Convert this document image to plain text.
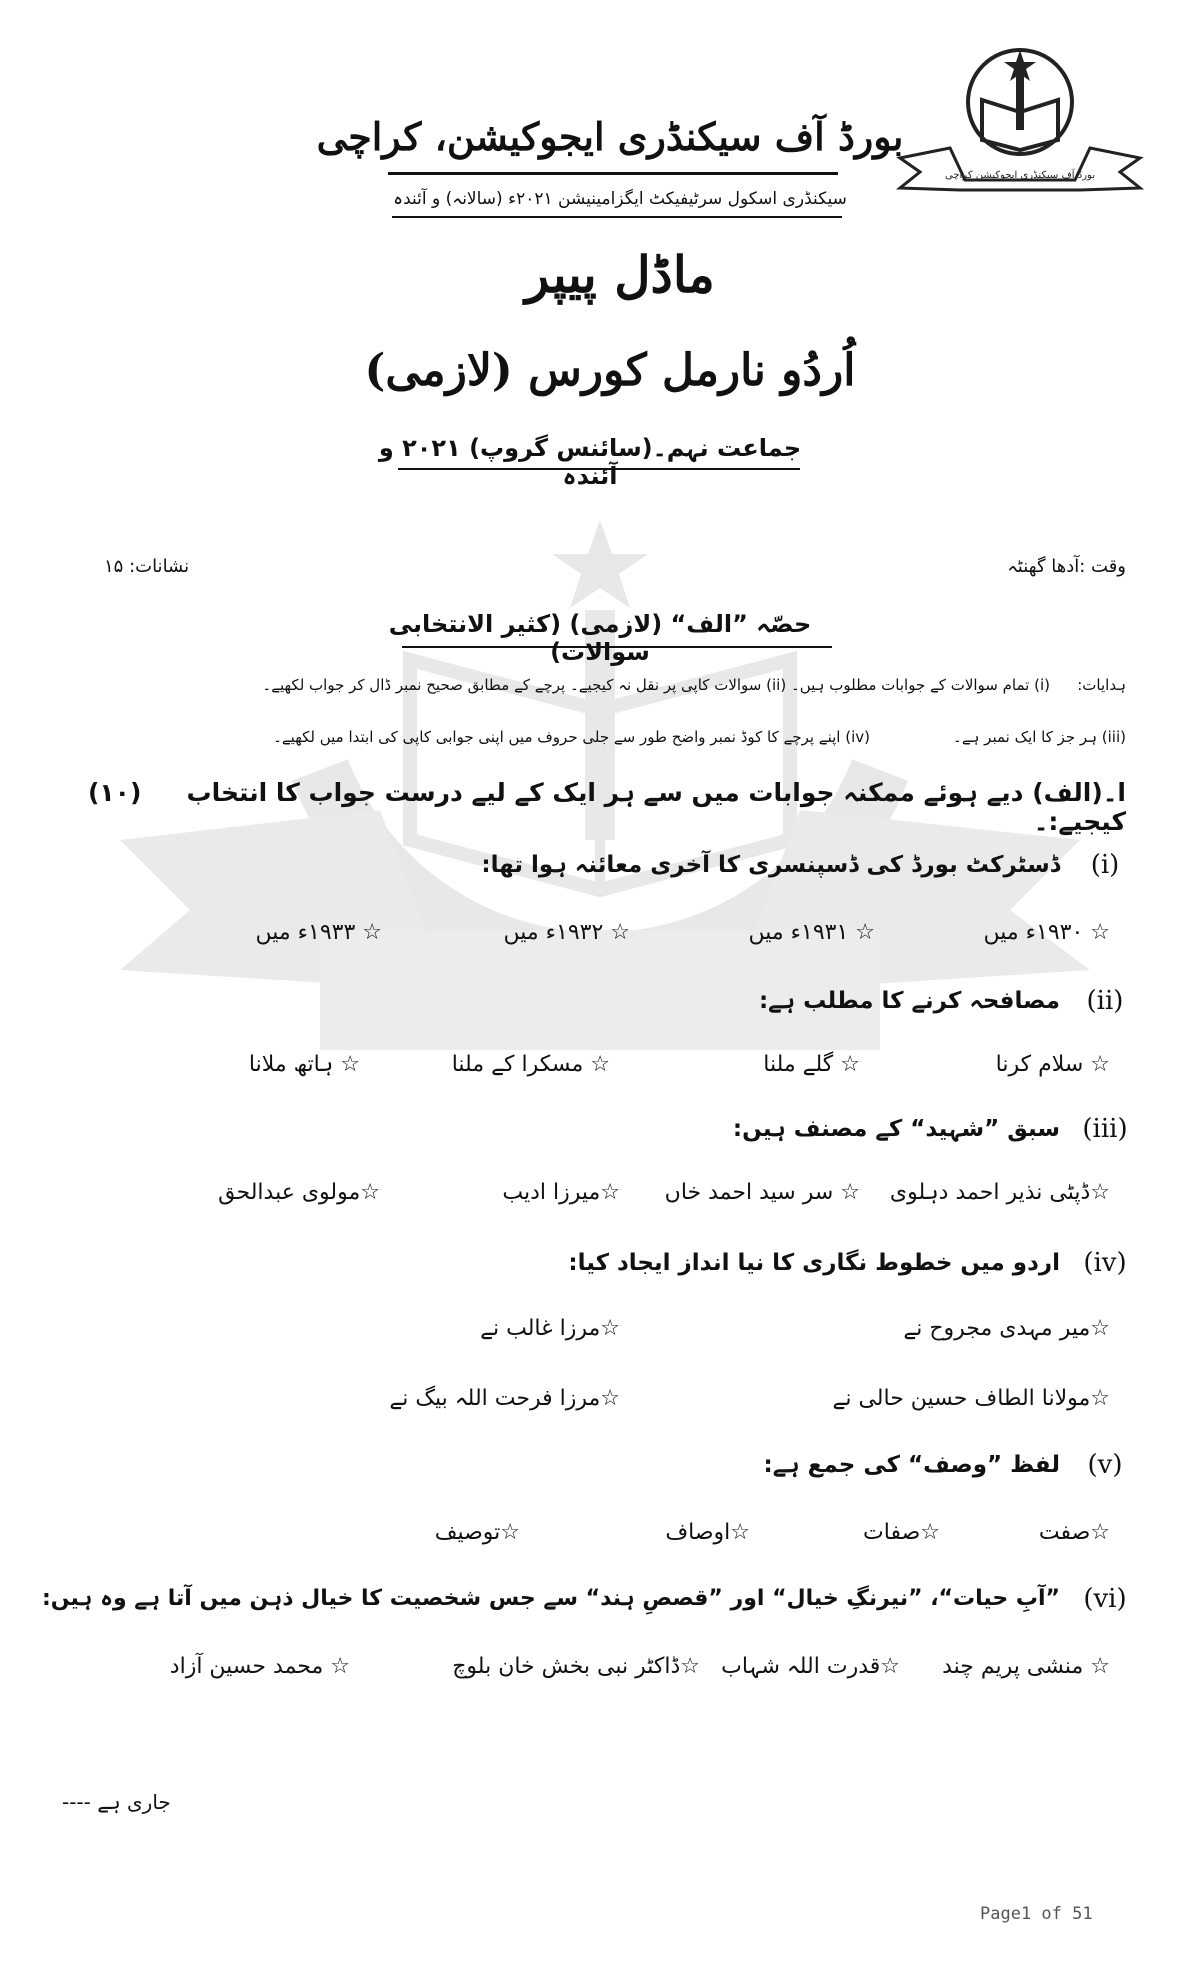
بورڈ آف سیکنڈری ایجوکیشن کراچی
بورڈ آف سیکنڈری ایجوکیشن، کراچی
سیکنڈری اسکول سرٹیفیکٹ ایگزامینیشن ۲۰۲۱ء (سالانہ) و آئندہ
ماڈل پیپر
اُردُو نارمل کورس (لازمی)
جماعت نہم۔(سائنس گروپ) ۲۰۲۱ و آئندہ
وقت :آدھا گھنٹہ
نشانات: ۱۵
حصّہ ”الف“ (لازمی) (کثیر الانتخابی سوالات)
ہدایات:
(i) تمام سوالات کے جوابات مطلوب ہیں۔ (ii) سوالات کاپی پر نقل نہ کیجیے۔ پرچے کے مطابق صحیح نمبر ڈال کر جواب لکھیے۔
(iii) ہر جز کا ایک نمبر ہے۔
(iv) اپنے پرچے کا کوڈ نمبر واضح طور سے جلی حروف میں اپنی جوابی کاپی کی ابتدا میں لکھیے۔
ا۔(الف) دیے ہوئے ممکنہ جوابات میں سے ہر ایک کے لیے درست جواب کا انتخاب کیجیے:۔
(۱۰)
(i)
ڈسٹرکٹ بورڈ کی ڈسپنسری کا آخری معائنہ ہوا تھا:
☆ ۱۹۳۰ء میں
☆ ۱۹۳۱ء میں
☆ ۱۹۳۲ء میں
☆ ۱۹۳۳ء میں
(ii)
مصافحہ کرنے کا مطلب ہے:
☆ سلام کرنا
☆ گلے ملنا
☆ مسکرا کے ملنا
☆ ہاتھ ملانا
(iii)
سبق ”شہید“ کے مصنف ہیں:
☆ڈپٹی نذیر احمد دہلوی
☆ سر سید احمد خاں
☆میرزا ادیب
☆مولوی عبدالحق
(iv)
اردو میں خطوط نگاری کا نیا انداز ایجاد کیا:
☆میر مہدی مجروح نے
☆مرزا غالب نے
☆مولانا الطاف حسین حالی نے
☆مرزا فرحت اللہ بیگ نے
(v)
لفظ ”وصف“ کی جمع ہے:
☆صفت
☆صفات
☆اوصاف
☆توصیف
(vi)
”آبِ حیات“، ”نیرنگِ خیال“ اور ”قصصِ ہند“ سے جس شخصیت کا خیال ذہن میں آتا ہے وہ ہیں:
☆ منشی پریم چند
☆قدرت اللہ شہاب
☆ڈاکٹر نبی بخش خان بلوچ
☆ محمد حسین آزاد
جاری ہے ----
Page1 of 51
